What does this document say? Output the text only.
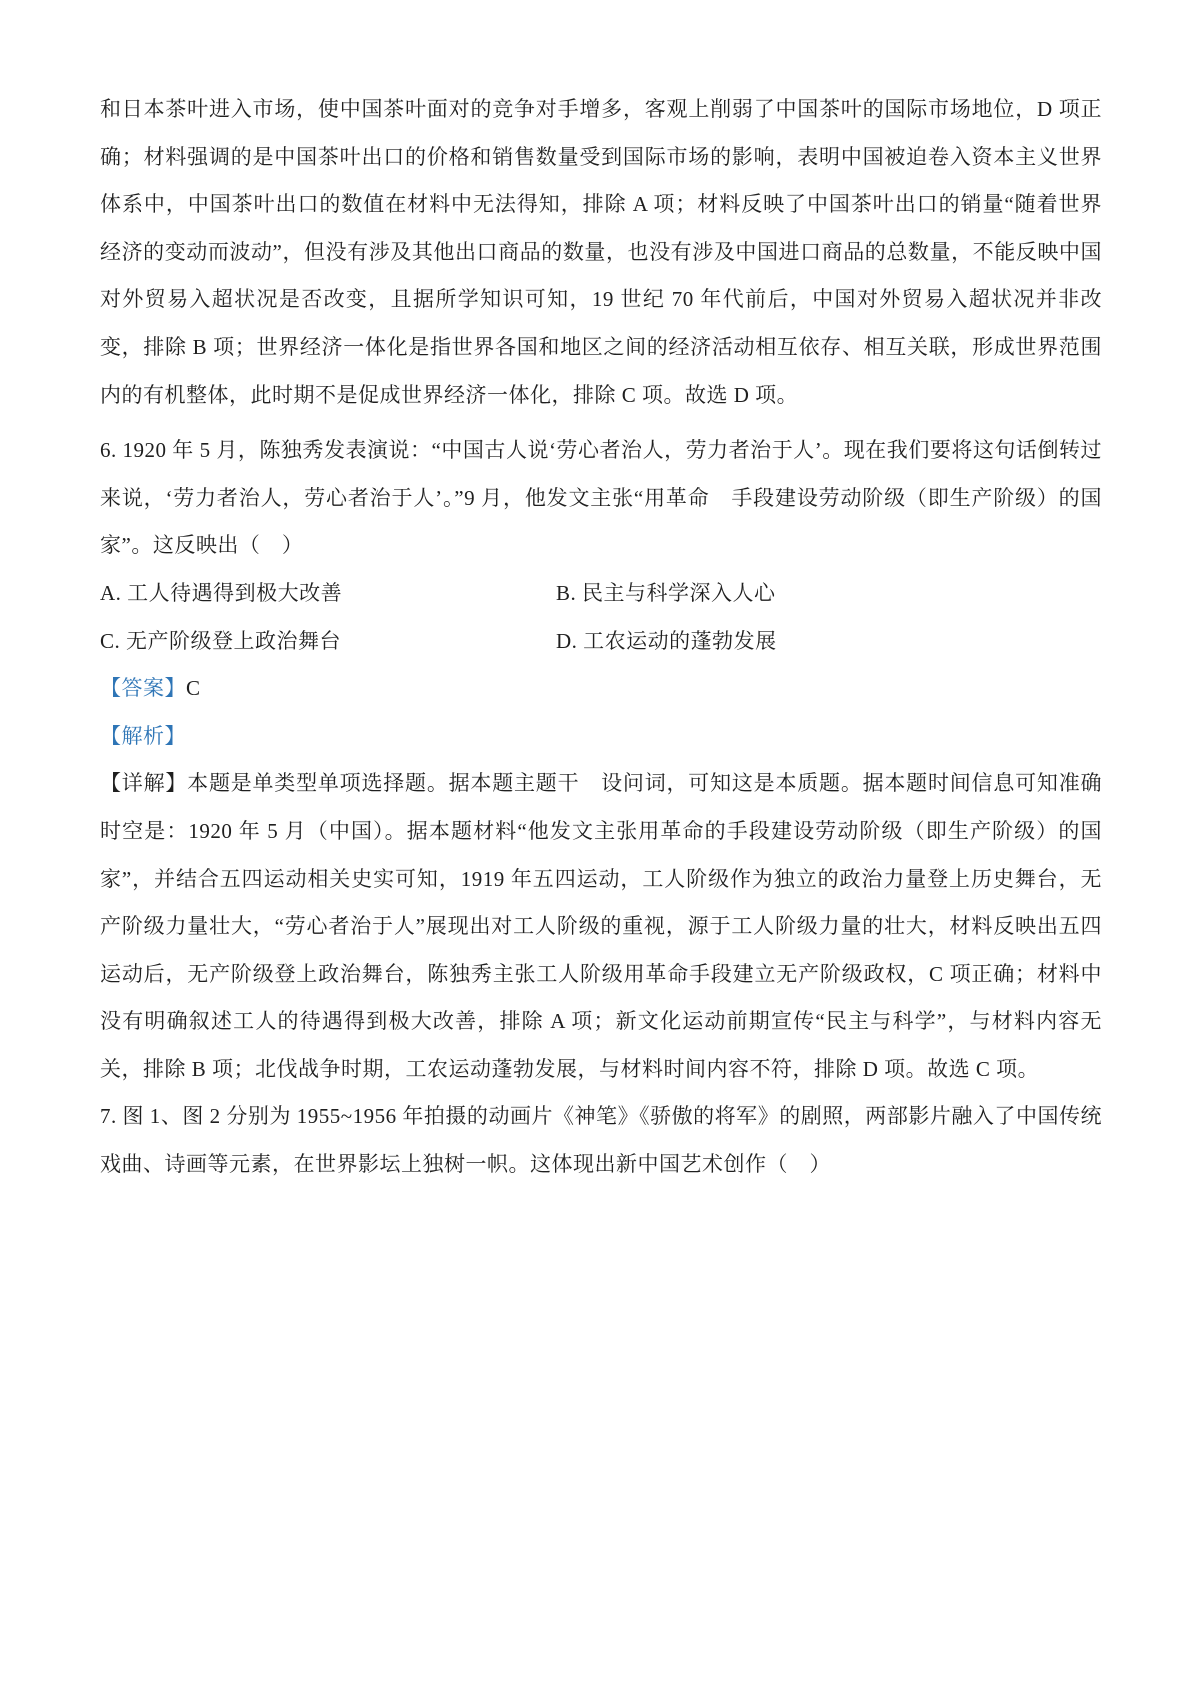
和日本茶叶进入市场，使中国茶叶面对的竞争对手增多，客观上削弱了中国茶叶的国际市场地位，D 项正确；材料强调的是中国茶叶出口的价格和销售数量受到国际市场的影响，表明中国被迫卷入资本主义世界体系中，中国茶叶出口的数值在材料中无法得知，排除 A 项；材料反映了中国茶叶出口的销量“随着世界经济的变动而波动”，但没有涉及其他出口商品的数量，也没有涉及中国进口商品的总数量，不能反映中国对外贸易入超状况是否改变，且据所学知识可知，19 世纪 70 年代前后，中国对外贸易入超状况并非改变，排除 B 项；世界经济一体化是指世界各国和地区之间的经济活动相互依存、相互关联，形成世界范围内的有机整体，此时期不是促成世界经济一体化，排除 C 项。故选 D 项。

6. 1920 年 5 月，陈独秀发表演说：“中国古人说‘劳心者治人，劳力者治于人’。现在我们要将这句话倒转过来说，‘劳力者治人，劳心者治于人’。”9 月，他发文主张“用革命　手段建设劳动阶级（即生产阶级）的国家”。这反映出（　）

A. 工人待遇得到极大改善	B. 民主与科学深入人心
C. 无产阶级登上政治舞台	D. 工农运动的蓬勃发展

【答案】C

【解析】

【详解】本题是单类型单项选择题。据本题主题干　设问词，可知这是本质题。据本题时间信息可知准确时空是：1920 年 5 月（中国）。据本题材料“他发文主张用革命的手段建设劳动阶级（即生产阶级）的国家”，并结合五四运动相关史实可知，1919 年五四运动，工人阶级作为独立的政治力量登上历史舞台，无产阶级力量壮大，“劳心者治于人”展现出对工人阶级的重视，源于工人阶级力量的壮大，材料反映出五四运动后，无产阶级登上政治舞台，陈独秀主张工人阶级用革命手段建立无产阶级政权，C 项正确；材料中没有明确叙述工人的待遇得到极大改善，排除 A 项；新文化运动前期宣传“民主与科学”，与材料内容无关，排除 B 项；北伐战争时期，工农运动蓬勃发展，与材料时间内容不符，排除 D 项。故选 C 项。

7. 图 1、图 2 分别为 1955~1956 年拍摄的动画片《神笔》《骄傲的将军》的剧照，两部影片融入了中国传统戏曲、诗画等元素，在世界影坛上独树一帜。这体现出新中国艺术创作（　）
